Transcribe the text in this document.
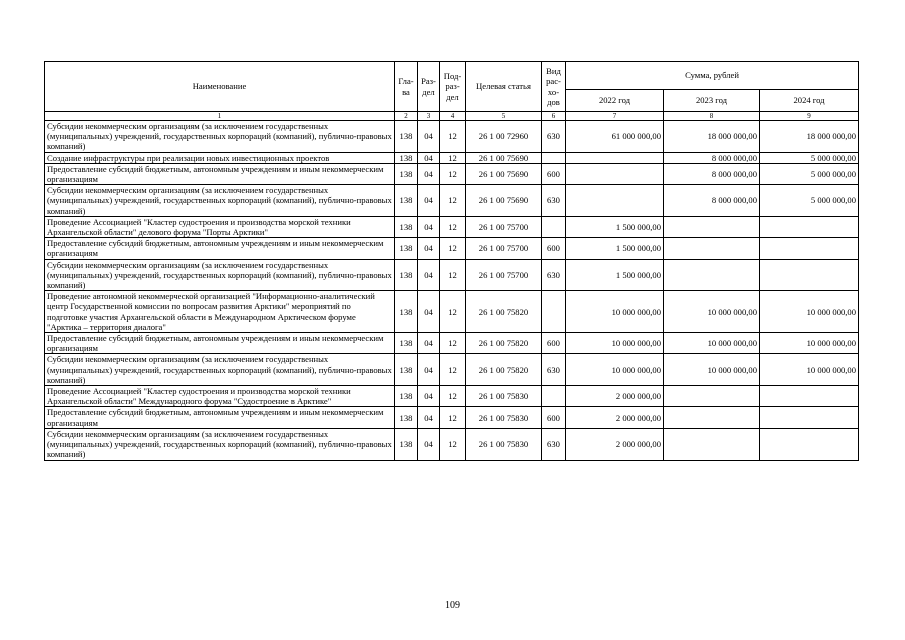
Наименование	Гла-ва	Раз-дел	Под-раз-дел	Целевая статья	Вид рас-хо-дов	Сумма, рублей		
						2022 год	2023 год	2024 год
1	2	3	4	5	6	7	8	9
Субсидии некоммерческим организациям (за исключением государственных (муниципальных) учреждений, государственных корпораций (компаний), публично-правовых компаний)	138	04	12	26 1 00 72960	630	61 000 000,00	18 000 000,00	18 000 000,00
Создание инфраструктуры при реализации новых инвестиционных проектов	138	04	12	26 1 00 75690			8 000 000,00	5 000 000,00
Предоставление субсидий бюджетным, автономным учреждениям и иным некоммерческим организациям	138	04	12	26 1 00 75690	600		8 000 000,00	5 000 000,00
Субсидии некоммерческим организациям (за исключением государственных (муниципальных) учреждений, государственных корпораций (компаний), публично-правовых компаний)	138	04	12	26 1 00 75690	630		8 000 000,00	5 000 000,00
Проведение Ассоциацией "Кластер судостроения и производства морской техники Архангельской области" делового форума "Порты Арктики"	138	04	12	26 1 00 75700		1 500 000,00		
Предоставление субсидий бюджетным, автономным учреждениям и иным некоммерческим организациям	138	04	12	26 1 00 75700	600	1 500 000,00		
Субсидии некоммерческим организациям (за исключением государственных (муниципальных) учреждений, государственных корпораций (компаний), публично-правовых компаний)	138	04	12	26 1 00 75700	630	1 500 000,00		
Проведение автономной некоммерческой организацией "Информационно-аналитический центр Государственной комиссии по вопросам развития Арктики" мероприятий по подготовке участия Архангельской области в Международном Арктическом форуме "Арктика – территория диалога"	138	04	12	26 1 00 75820		10 000 000,00	10 000 000,00	10 000 000,00
Предоставление субсидий бюджетным, автономным учреждениям и иным некоммерческим организациям	138	04	12	26 1 00 75820	600	10 000 000,00	10 000 000,00	10 000 000,00
Субсидии некоммерческим организациям (за исключением государственных (муниципальных) учреждений, государственных корпораций (компаний), публично-правовых компаний)	138	04	12	26 1 00 75820	630	10 000 000,00	10 000 000,00	10 000 000,00
Проведение Ассоциацией "Кластер судостроения и производства морской техники Архангельской области" Международного форума "Судостроение в Арктике"	138	04	12	26 1 00 75830		2 000 000,00		
Предоставление субсидий бюджетным, автономным учреждениям и иным некоммерческим организациям	138	04	12	26 1 00 75830	600	2 000 000,00		
Субсидии некоммерческим организациям (за исключением государственных (муниципальных) учреждений, государственных корпораций (компаний), публично-правовых компаний)	138	04	12	26 1 00 75830	630	2 000 000,00		
109
